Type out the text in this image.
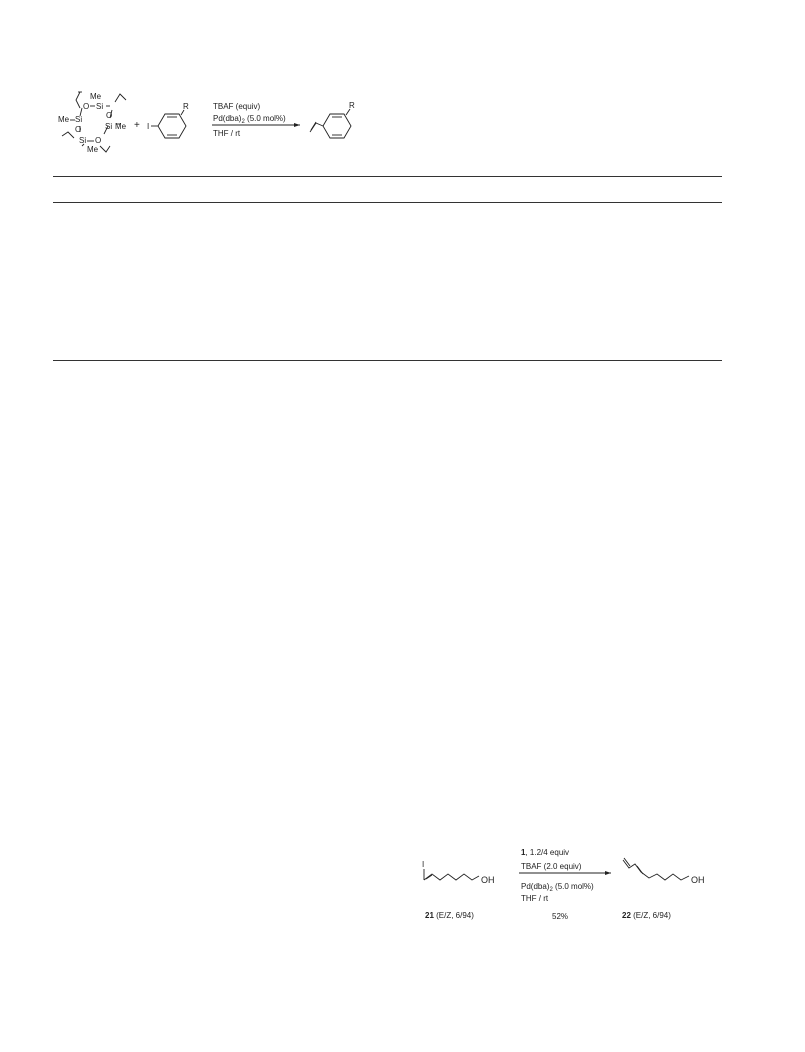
Me
O Si
Me Si	O
O	Si Me
Si O
Me
+ I
R	TBAF (equiv)
$Pd(dba)_2$ (5.0 mol%)
THF / rt
R
I
OH
21 (E/Z, 6/94)
1, 1.2/4 equiv
TBAF (2.0 equiv)
$Pd(dba)_2$ (5.0 mol%)
THF / rt
52%
OH
22 (E/Z, 6/94)
